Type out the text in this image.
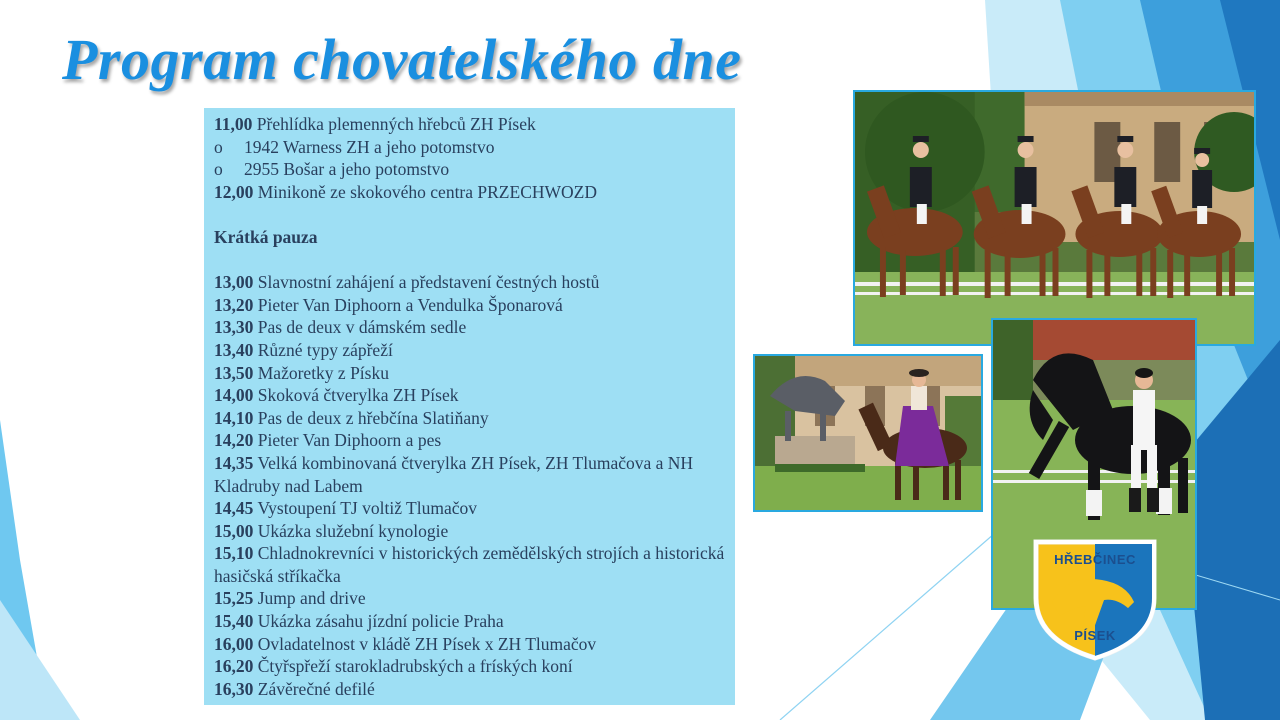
Program chovatelského dne
11,00 Přehlídka plemenných hřebců ZH Písek
o 1942 Warness ZH a jeho potomstvo
o 2955 Bošar a jeho potomstvo
12,00 Minikoně ze skokového centra PRZECHWOZD
Krátká pauza
13,00 Slavnostní zahájení a představení čestných hostů
13,20 Pieter Van Diphoorn a Vendulka Šponarová
13,30 Pas de deux v dámském sedle
13,40 Různé typy zápřeží
13,50 Mažoretky z Písku
14,00 Skoková čtverylka ZH Písek
14,10 Pas de deux z hřebčína Slatiňany
14,20 Pieter Van Diphoorn a pes
14,35 Velká kombinovaná čtverylka ZH Písek, ZH Tlumačova a NH Kladruby nad Labem
14,45 Vystoupení TJ voltiž Tlumačov
15,00 Ukázka služební kynologie
15,10 Chladnokrevníci v historických zemědělských strojích a historická hasičská stříkačka
15,25 Jump and drive
15,40 Ukázka zásahu jízdní policie Praha
16,00 Ovladatelnost v kládě ZH Písek x ZH Tlumačov
16,20 Čtyřspřeží starokladrubských a fríských koní
16,30 Závěrečné defilé
HŘEBČINEC
PÍSEK
